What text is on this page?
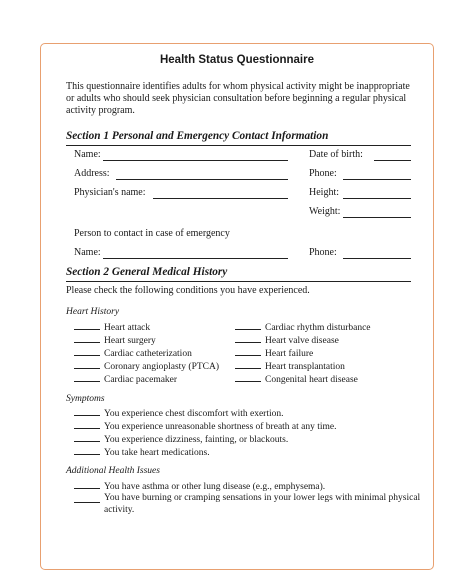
Health Status Questionnaire
This questionnaire identifies adults for whom physical activity might be inappropriate or adults who should seek physician consultation before beginning a regular physical activity program.
Section 1 Personal and Emergency Contact Information
Name:	Date of birth:
Address:	Phone:
Physician's name:	Height:
Weight:
Person to contact in case of emergency
Name:	Phone:
Section 2 General Medical History
Please check the following conditions you have experienced.
Heart History
Heart attack
Heart surgery
Cardiac catheterization
Coronary angioplasty (PTCA)
Cardiac pacemaker
Cardiac rhythm disturbance
Heart valve disease
Heart failure
Heart transplantation
Congenital heart disease
Symptoms
You experience chest discomfort with exertion.
You experience unreasonable shortness of breath at any time.
You experience dizziness, fainting, or blackouts.
You take heart medications.
Additional Health Issues
You have asthma or other lung disease (e.g., emphysema).
You have burning or cramping sensations in your lower legs with minimal physical activity.
